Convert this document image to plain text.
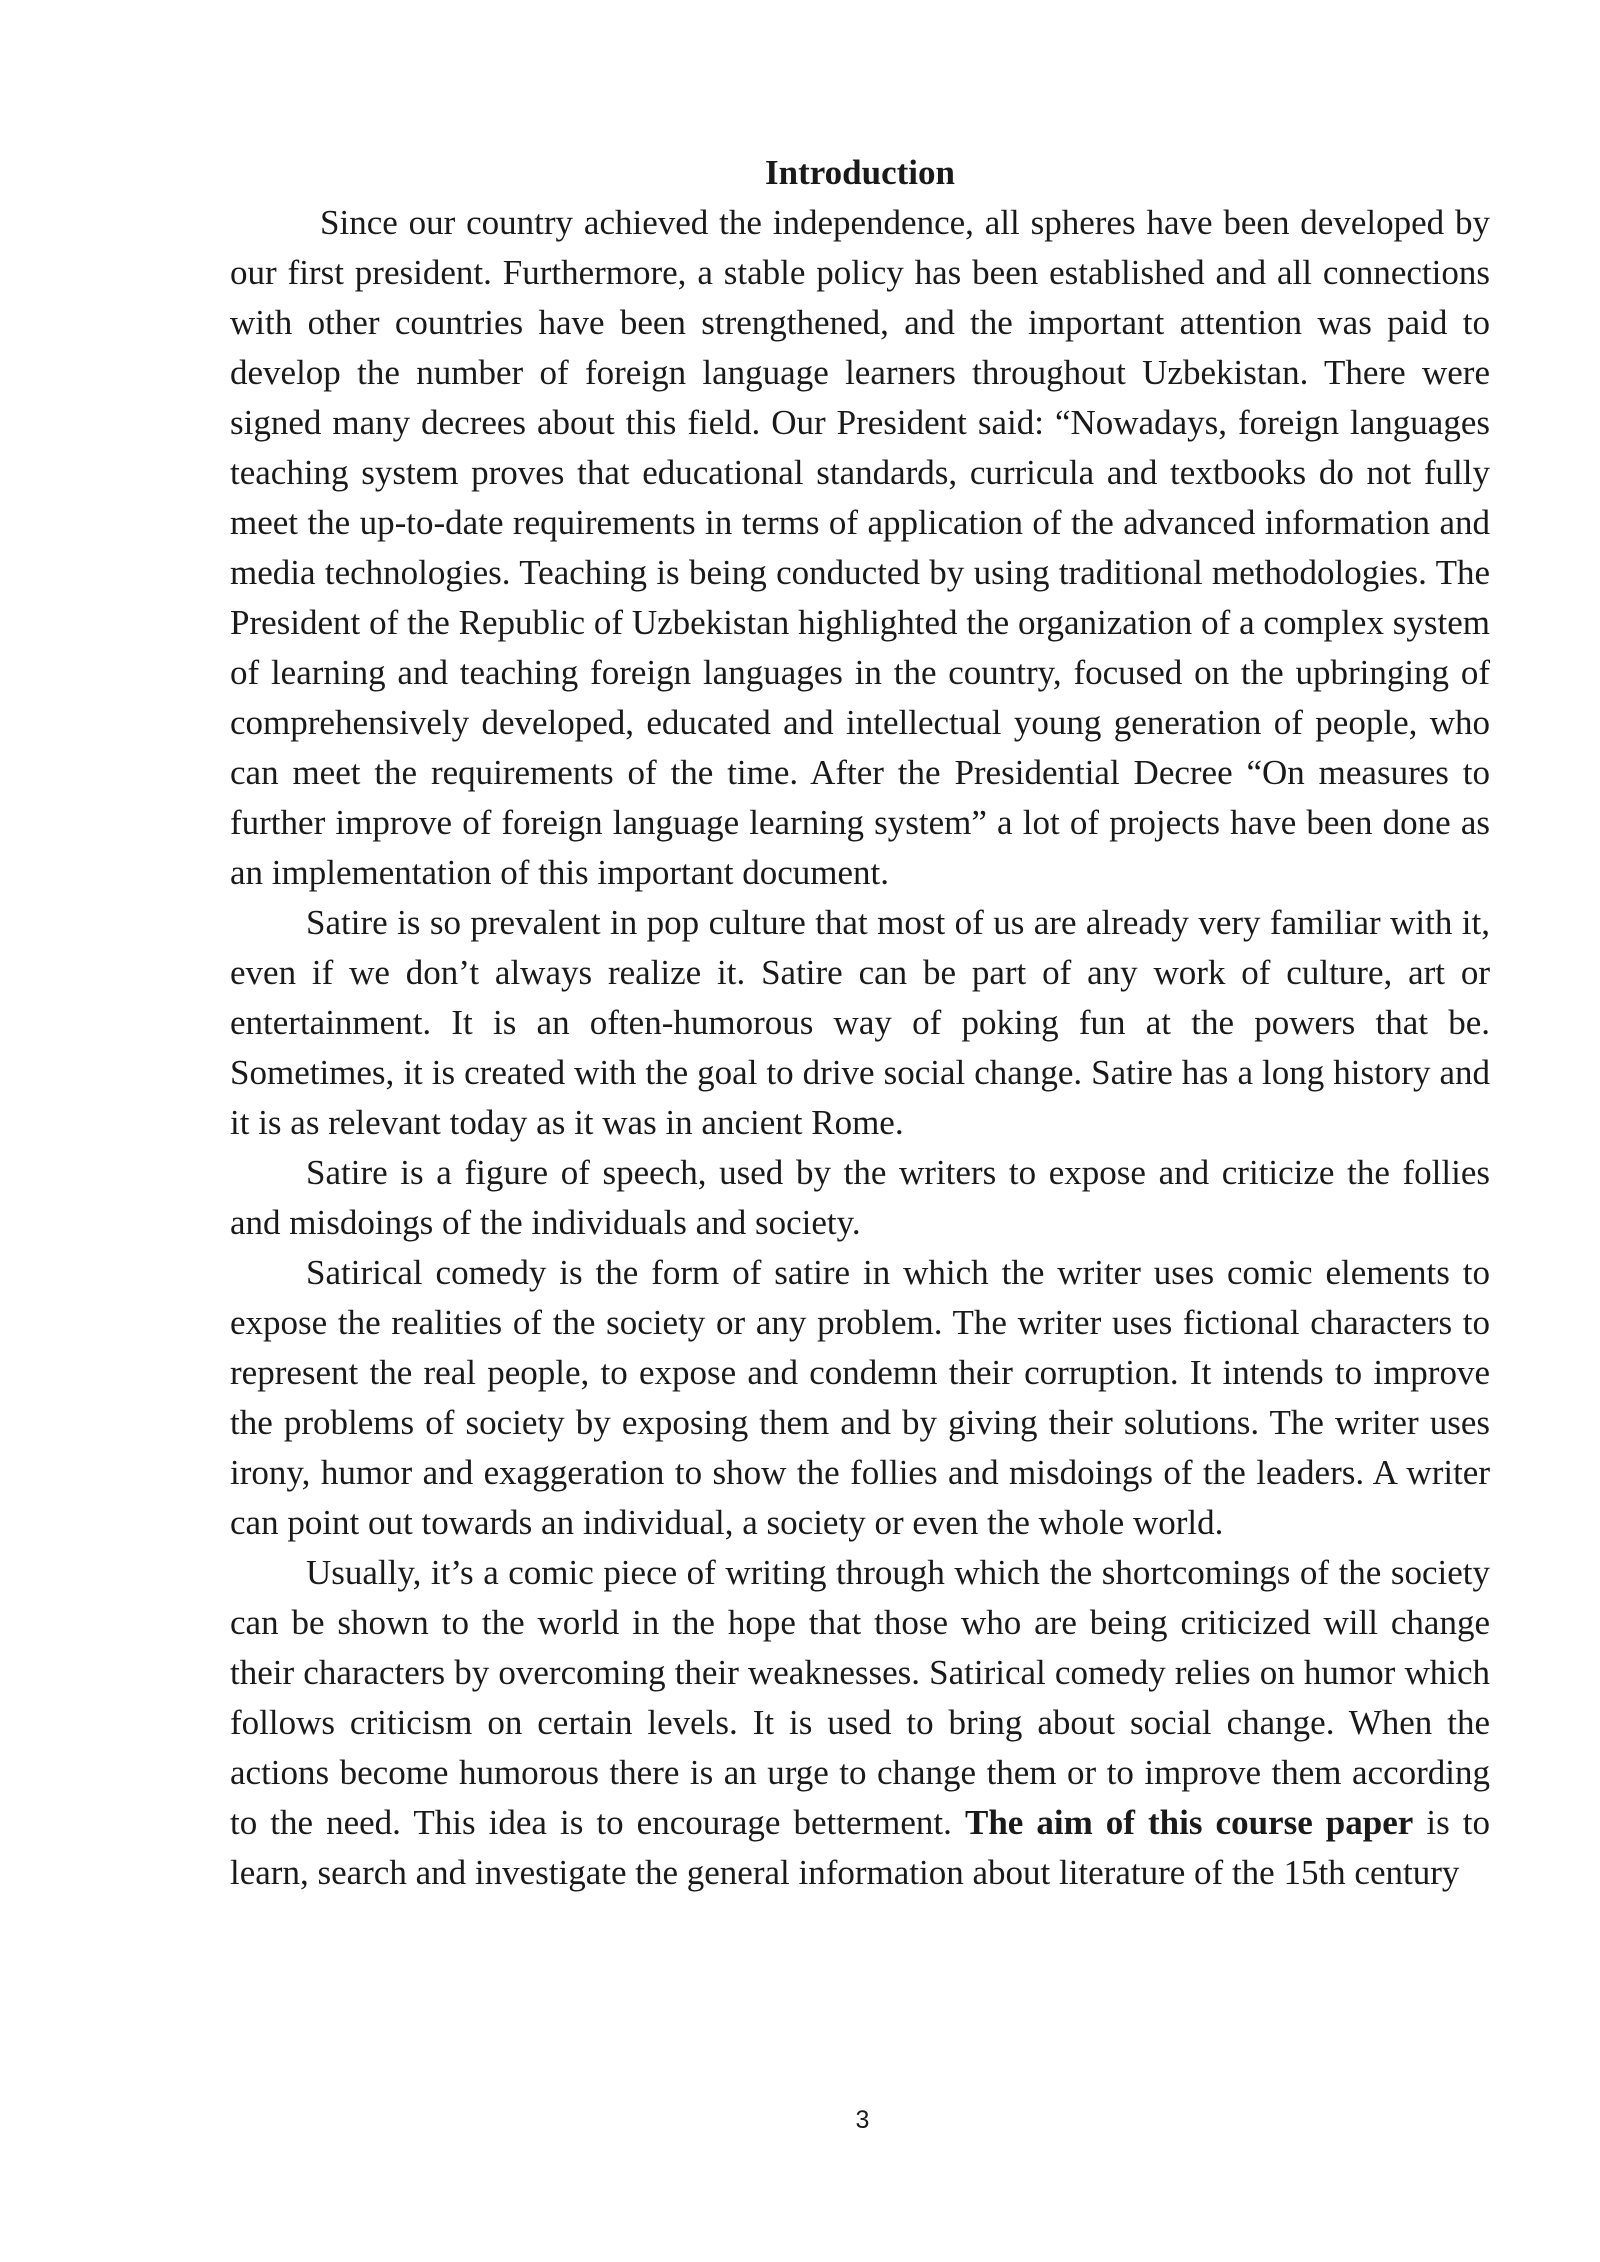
Introduction

Since our country achieved the independence, all spheres have been developed by our first president. Furthermore, a stable policy has been established and all connections with other countries have been strengthened, and the important attention was paid to develop the number of foreign language learners throughout Uzbekistan. There were signed many decrees about this field. Our President said: “Nowadays, foreign languages teaching system proves that educational standards, curricula and textbooks do not fully meet the up-to-date requirements in terms of application of the advanced information and media technologies. Teaching is being conducted by using traditional methodologies. The President of the Republic of Uzbekistan highlighted the organization of a complex system of learning and teaching foreign languages in the country, focused on the upbringing of comprehensively developed, educated and intellectual young generation of people, who can meet the requirements of the time. After the Presidential Decree “On measures to further improve of foreign language learning system” a lot of projects have been done as an implementation of this important document.

Satire is so prevalent in pop culture that most of us are already very familiar with it, even if we don’t always realize it. Satire can be part of any work of culture, art or entertainment. It is an often-humorous way of poking fun at the powers that be. Sometimes, it is created with the goal to drive social change. Satire has a long history and it is as relevant today as it was in ancient Rome.

Satire is a figure of speech, used by the writers to expose and criticize the follies and misdoings of the individuals and society.

Satirical comedy is the form of satire in which the writer uses comic elements to expose the realities of the society or any problem. The writer uses fictional characters to represent the real people, to expose and condemn their corruption. It intends to improve the problems of society by exposing them and by giving their solutions. The writer uses irony, humor and exaggeration to show the follies and misdoings of the leaders. A writer can point out towards an individual, a society or even the whole world.

Usually, it’s a comic piece of writing through which the shortcomings of the society can be shown to the world in the hope that those who are being criticized will change their characters by overcoming their weaknesses. Satirical comedy relies on humor which follows criticism on certain levels. It is used to bring about social change. When the actions become humorous there is an urge to change them or to improve them according to the need. This idea is to encourage betterment. The aim of this course paper is to learn, search and investigate the general information about literature of the 15th century

3
